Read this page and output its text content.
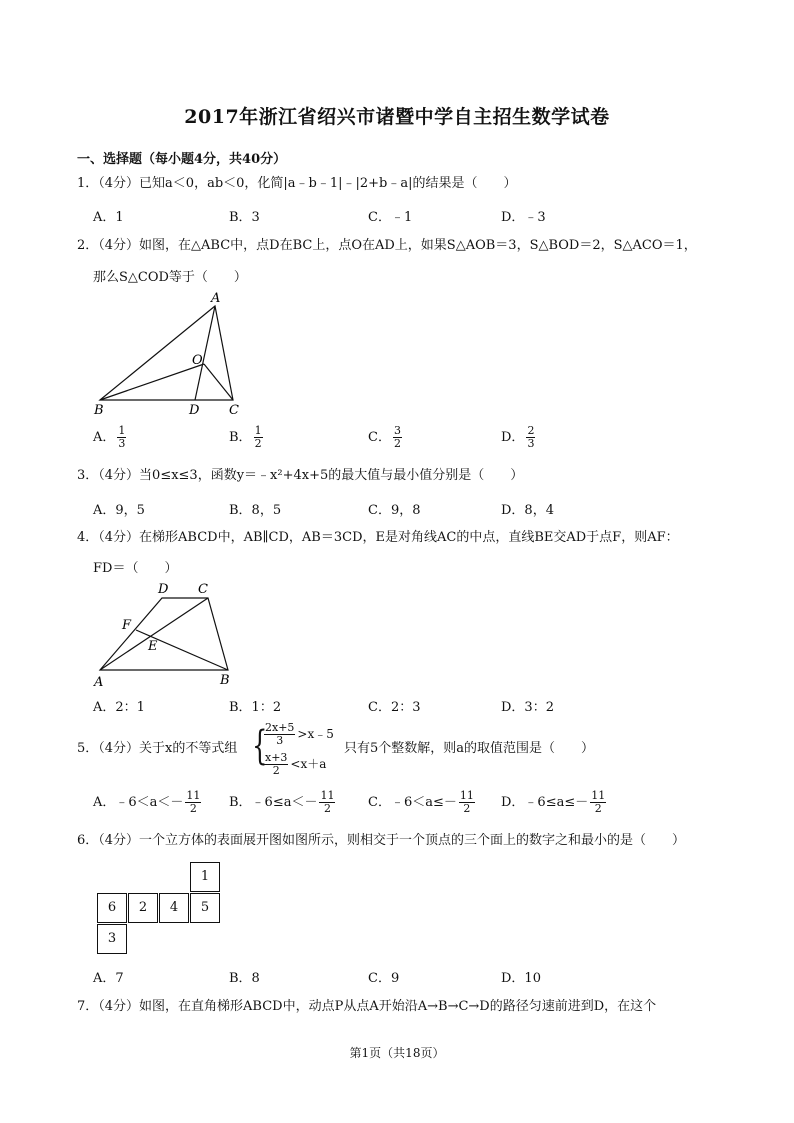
2017年浙江省绍兴市诸暨中学自主招生数学试卷
一、选择题（每小题4分，共40分）
1．（4分）已知a＜0，ab＜0，化简|a﹣b﹣1|﹣|2+b﹣a|的结果是（　　）
A．1	B．3	C．﹣1	D．﹣3
2．（4分）如图，在△ABC中，点D在BC上，点O在AD上，如果S△AOB＝3，S△BOD＝2，S△ACO＝1，
那么S△COD等于（　　）
A
O
B	D C
A． $\frac{1}{3}$	B． $\frac{1}{2}$	C． $\frac{3}{2}$	D． $\frac{2}{3}$
3．（4分）当0≤x≤3，函数y＝﹣x²+4x+5的最大值与最小值分别是（　　）
A．9，5	B．8，5	C．9，8	D．8，4
4．（4分）在梯形ABCD中，AB∥CD，AB＝3CD，E是对角线AC的中点，直线BE交AD于点F，则AF：
FD＝（　　）
A	B
C
D
E
F
A．2：1	B．1：2	C．2：3	D．3：2
5．（4分）关于x的不等式组 {
$\frac{2x+5}{3}$ >x﹣5
$\frac{x+3}{2} <x+a$
只有5个整数解，则a的取值范围是（　　）
A．﹣6＜a＜－ $\frac{11}{2}$ B．﹣6≤a＜－ $\frac{11}{2}$	C．﹣6＜a≤－ $\frac{11}{2}$ D．﹣6≤a≤－ $\frac{11}{2}$
6．（4分）一个立方体的表面展开图如图所示，则相交于一个顶点的三个面上的数字之和最小的是（　　）
1
6	2	4	5
3
A．7	B．8	C．9	D．10
7．（4分）如图，在直角梯形ABCD中，动点P从点A开始沿A→B→C→D的路径匀速前进到D，在这个
第1页（共18页）
